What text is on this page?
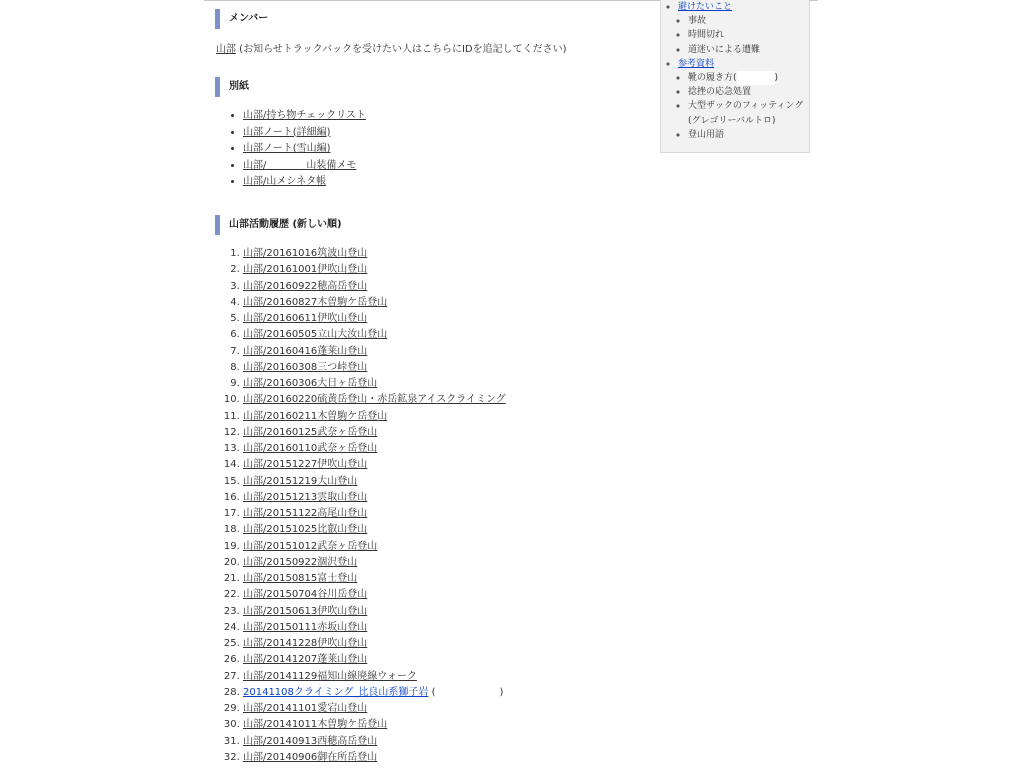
メンバー
山部 (お知らせトラックバックを受けたい人はこちらにIDを追記してください)
別紙
• 山部/持ち物チェックリスト
• 山部ノート(詳細編)
• 山部ノート(雪山編)
• 山部/　　　　山装備メモ
• 山部/山メシネタ帳
山部活動履歴 (新しい順)
1. 山部/20161016筑波山登山
2. 山部/20161001伊吹山登山
3. 山部/20160922穂高岳登山
4. 山部/20160827木曽駒ケ岳登山
5. 山部/20160611伊吹山登山
6. 山部/20160505立山大汝山登山
7. 山部/20160416蓬莱山登山
8. 山部/20160308三つ峠登山
9. 山部/20160306大日ヶ岳登山
10. 山部/20160220硫黄岳登山・赤岳鉱泉アイスクライミング
11. 山部/20160211木曽駒ケ岳登山
12. 山部/20160125武奈ヶ岳登山
13. 山部/20160110武奈ヶ岳登山
14. 山部/20151227伊吹山登山
15. 山部/20151219大山登山
16. 山部/20151213雲取山登山
17. 山部/20151122高尾山登山
18. 山部/20151025比叡山登山
19. 山部/20151012武奈ヶ岳登山
20. 山部/20150922涸沢登山
21. 山部/20150815富士登山
22. 山部/20150704谷川岳登山
23. 山部/20150613伊吹山登山
24. 山部/20150111赤坂山登山
25. 山部/20141228伊吹山登山
26. 山部/20141207蓬莱山登山
27. 山部/20141129福知山線廃線ウォーク
28. 20141108クライミング_比良山系獅子岩 (	)
29. 山部/20141101愛宕山登山
30. 山部/20141011木曽駒ケ岳登山
31. 山部/20140913西穂高岳登山
32. 山部/20140906御在所岳登山
◦ 避けたいこと
◦ 事故
◦ 時間切れ
◦ 道迷いによる遭難
◦ 参考資料
◦ 靴の履き方(	)
◦ 捻挫の応急処置
◦ 大型ザックのフィッティング (グレゴリーバルトロ)
◦ 登山用語
